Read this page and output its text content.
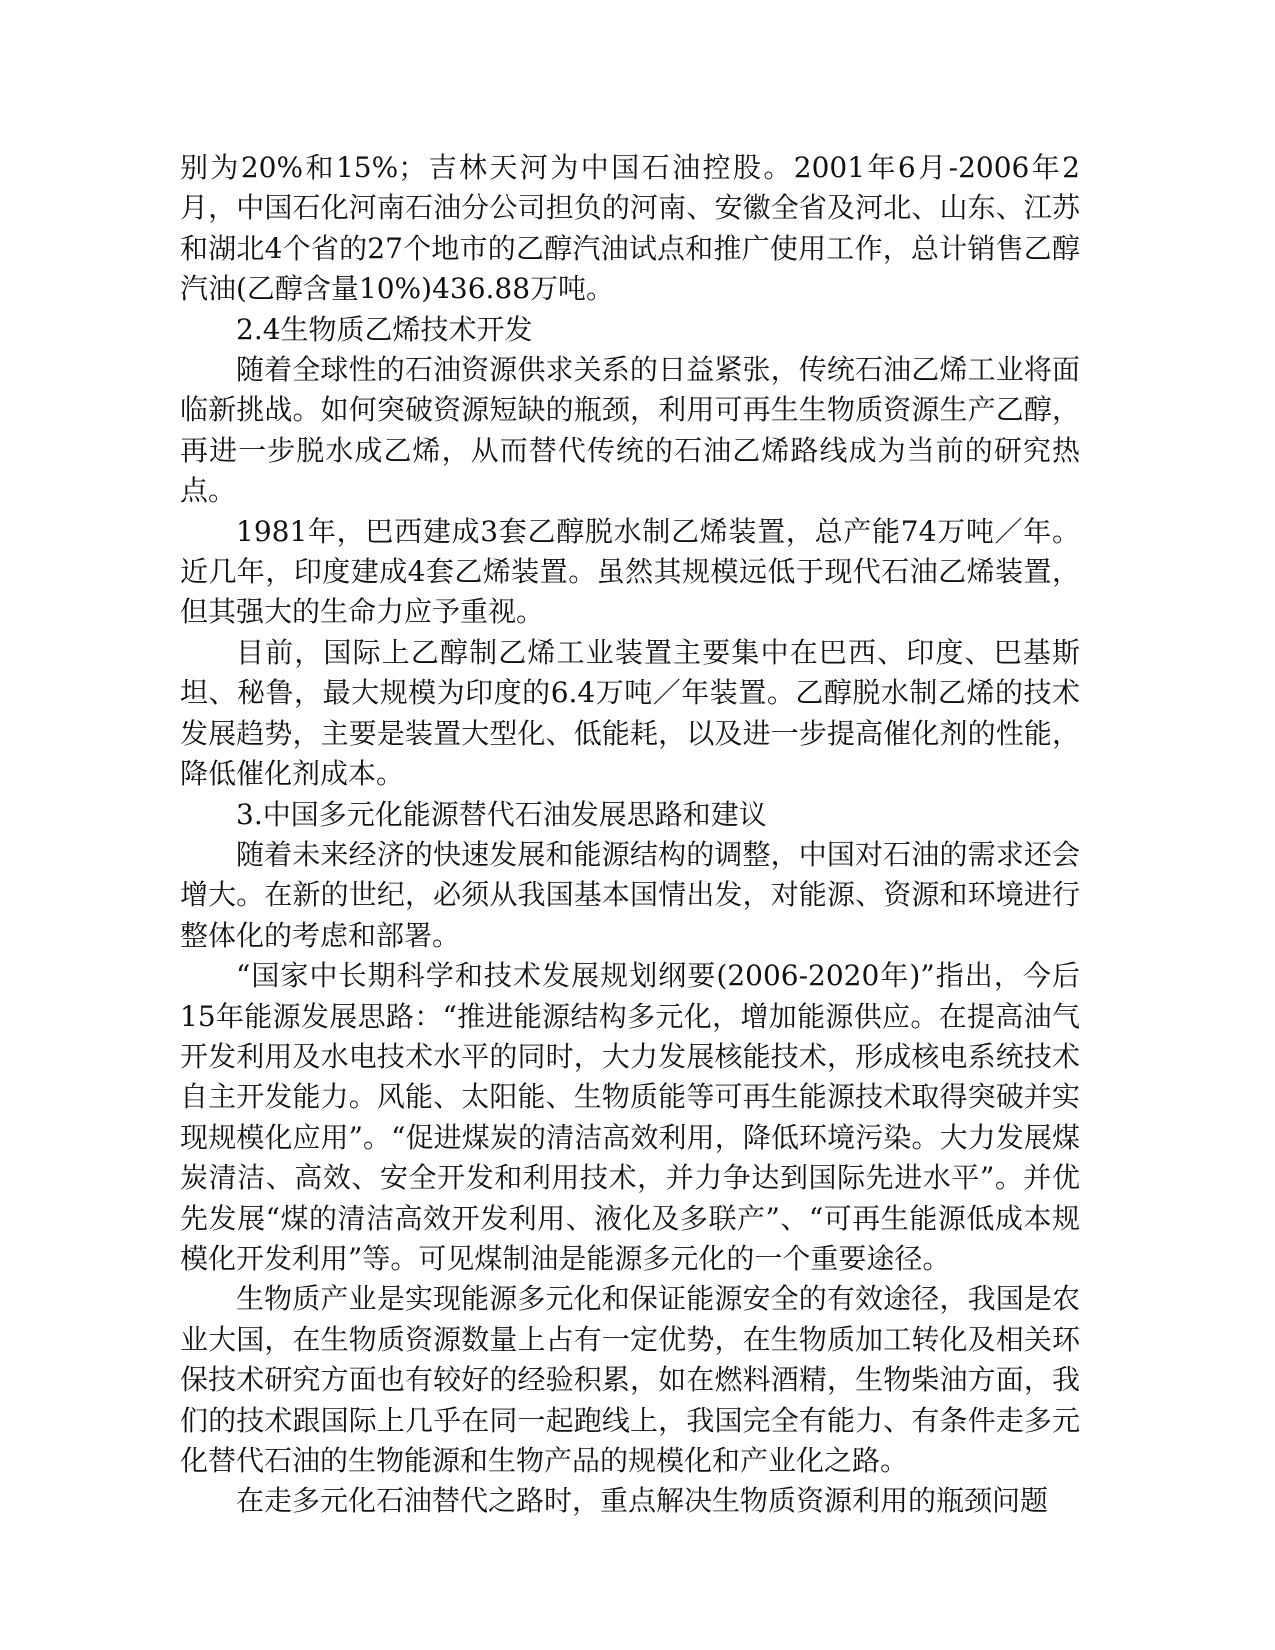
别为20%和15%；吉林天河为中国石油控股。2001年6月-2006年2月，中国石化河南石油分公司担负的河南、安徽全省及河北、山东、江苏和湖北4个省的27个地市的乙醇汽油试点和推广使用工作，总计销售乙醇汽油(乙醇含量10%)436.88万吨。

2.4生物质乙烯技术开发

随着全球性的石油资源供求关系的日益紧张，传统石油乙烯工业将面临新挑战。如何突破资源短缺的瓶颈，利用可再生生物质资源生产乙醇，再进一步脱水成乙烯，从而替代传统的石油乙烯路线成为当前的研究热点。

1981年，巴西建成3套乙醇脱水制乙烯装置，总产能74万吨／年。近几年，印度建成4套乙烯装置。虽然其规模远低于现代石油乙烯装置，但其强大的生命力应予重视。

目前，国际上乙醇制乙烯工业装置主要集中在巴西、印度、巴基斯坦、秘鲁，最大规模为印度的6.4万吨／年装置。乙醇脱水制乙烯的技术发展趋势，主要是装置大型化、低能耗，以及进一步提高催化剂的性能，降低催化剂成本。

3.中国多元化能源替代石油发展思路和建议

随着未来经济的快速发展和能源结构的调整，中国对石油的需求还会增大。在新的世纪，必须从我国基本国情出发，对能源、资源和环境进行整体化的考虑和部署。

“国家中长期科学和技术发展规划纲要(2006-2020年)”指出，今后15年能源发展思路：“推进能源结构多元化，增加能源供应。在提高油气开发利用及水电技术水平的同时，大力发展核能技术，形成核电系统技术自主开发能力。风能、太阳能、生物质能等可再生能源技术取得突破并实现规模化应用”。“促进煤炭的清洁高效利用，降低环境污染。大力发展煤炭清洁、高效、安全开发和利用技术，并力争达到国际先进水平”。并优先发展“煤的清洁高效开发利用、液化及多联产”、“可再生能源低成本规模化开发利用”等。可见煤制油是能源多元化的一个重要途径。

生物质产业是实现能源多元化和保证能源安全的有效途径，我国是农业大国，在生物质资源数量上占有一定优势，在生物质加工转化及相关环保技术研究方面也有较好的经验积累，如在燃料酒精，生物柴油方面，我们的技术跟国际上几乎在同一起跑线上，我国完全有能力、有条件走多元化替代石油的生物能源和生物产品的规模化和产业化之路。

在走多元化石油替代之路时，重点解决生物质资源利用的瓶颈问题
